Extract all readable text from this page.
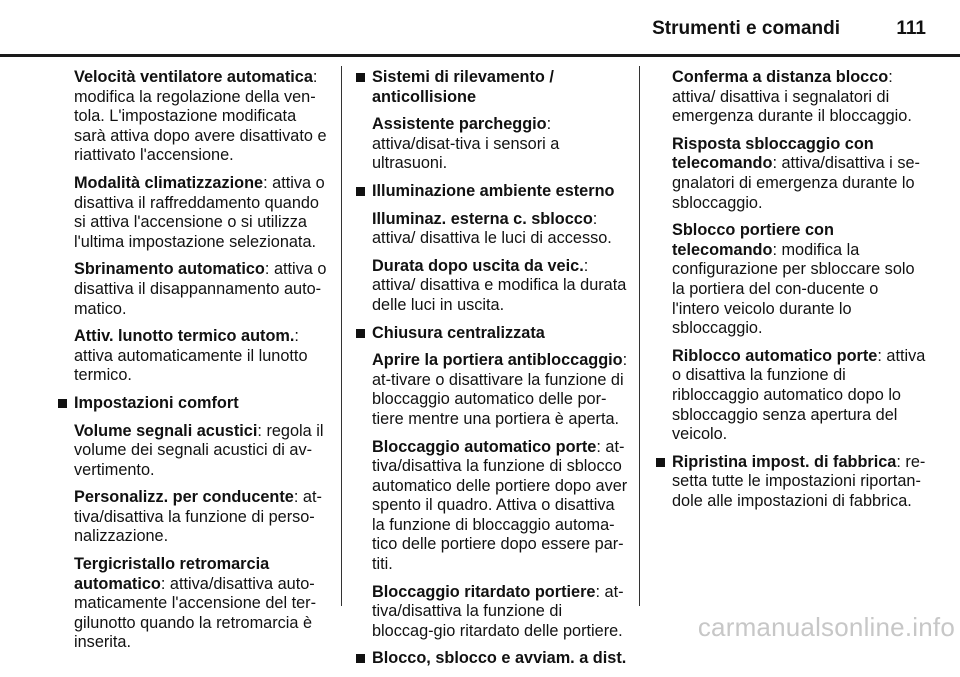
Strumenti e comandi	111

Velocità ventilatore automatica: modifica la regolazione della ven-tola. L'impostazione modificata sarà attiva dopo avere disattivato e riattivato l'accensione.

Modalità climatizzazione: attiva o disattiva il raffreddamento quando si attiva l'accensione o si utilizza l'ultima impostazione selezionata.

Sbrinamento automatico: attiva o disattiva il disappannamento auto-matico.

Attiv. lunotto termico autom.: attiva automaticamente il lunotto termico.

Impostazioni comfort

Volume segnali acustici: regola il volume dei segnali acustici di av-vertimento.

Personalizz. per conducente: at-tiva/disattiva la funzione di perso-nalizzazione.

Tergicristallo retromarcia automatico: attiva/disattiva auto-maticamente l'accensione del ter-gilunotto quando la retromarcia è inserita.

Sistemi di rilevamento / anticollisione

Assistente parcheggio: attiva/disat-tiva i sensori a ultrasuoni.

Illuminazione ambiente esterno

Illuminaz. esterna c. sblocco: attiva/ disattiva le luci di accesso.

Durata dopo uscita da veic.: attiva/ disattiva e modifica la durata delle luci in uscita.

Chiusura centralizzata

Aprire la portiera antibloccaggio: at-tivare o disattivare la funzione di bloccaggio automatico delle por-tiere mentre una portiera è aperta.

Bloccaggio automatico porte: at-tiva/disattiva la funzione di sblocco automatico delle portiere dopo aver spento il quadro. Attiva o disattiva la funzione di bloccaggio automa-tico delle portiere dopo essere par-titi.

Bloccaggio ritardato portiere: at-tiva/disattiva la funzione di bloccag-gio ritardato delle portiere.

Blocco, sblocco e avviam. a dist.

Conferma a distanza blocco: attiva/ disattiva i segnalatori di emergenza durante il bloccaggio.

Risposta sbloccaggio con telecomando: attiva/disattiva i se-gnalatori di emergenza durante lo sbloccaggio.

Sblocco portiere con telecomando: modifica la configurazione per sbloccare solo la portiera del con-ducente o l'intero veicolo durante lo sbloccaggio.

Riblocco automatico porte: attiva o disattiva la funzione di ribloccaggio automatico dopo lo sbloccaggio senza apertura del veicolo.

Ripristina impost. di fabbrica: re-setta tutte le impostazioni riportan-dole alle impostazioni di fabbrica.
carmanualsonline.info
